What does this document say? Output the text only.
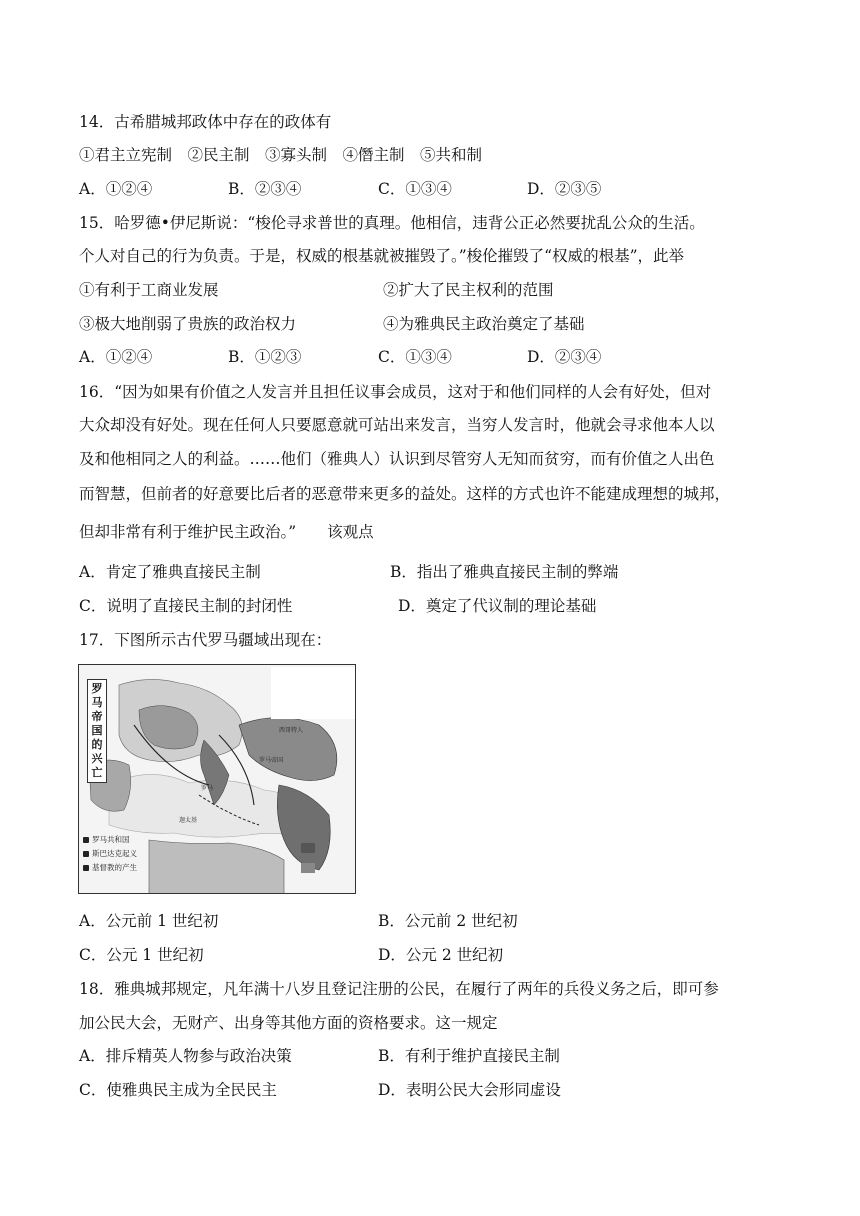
14．古希腊城邦政体中存在的政体有
①君主立宪制　②民主制　③寡头制　④僭主制　⑤共和制
A．①②④	B．②③④	C．①③④	D．②③⑤
15．哈罗德•伊尼斯说：“梭伦寻求普世的真理。他相信，违背公正必然要扰乱公众的生活。
个人对自己的行为负责。于是，权威的根基就被摧毁了。”梭伦摧毁了“权威的根基”，此举
①有利于工商业发展	②扩大了民主权利的范围
③极大地削弱了贵族的政治权力	④为雅典民主政治奠定了基础
A．①②④	B．①②③	C．①③④	D．②③④
16．“因为如果有价值之人发言并且担任议事会成员，这对于和他们同样的人会有好处，但对
大众却没有好处。现在任何人只要愿意就可站出来发言，当穷人发言时，他就会寻求他本人以
及和他相同之人的利益。……他们（雅典人）认识到尽管穷人无知而贫穷，而有价值之人出色
而智慧，但前者的好意要比后者的恶意带来更多的益处。这样的方式也许不能建成理想的城邦，
但却非常有利于维护民主政治。”　　该观点
A．肯定了雅典直接民主制	B．指出了雅典直接民主制的弊端
C．说明了直接民主制的封闭性	D．奠定了代议制的理论基础
17．下图所示古代罗马疆域出现在：
罗马帝国的兴亡
罗马
迦太基
罗马帝国
西哥特人
罗马共和国
斯巴达克起义
基督教的产生
A．公元前 1 世纪初	B．公元前 2 世纪初
C．公元 1 世纪初	D．公元 2 世纪初
18．雅典城邦规定，凡年满十八岁且登记注册的公民，在履行了两年的兵役义务之后，即可参
加公民大会，无财产、出身等其他方面的资格要求。这一规定
A．排斥精英人物参与政治决策	B．有利于维护直接民主制
C．使雅典民主成为全民民主	D．表明公民大会形同虚设
